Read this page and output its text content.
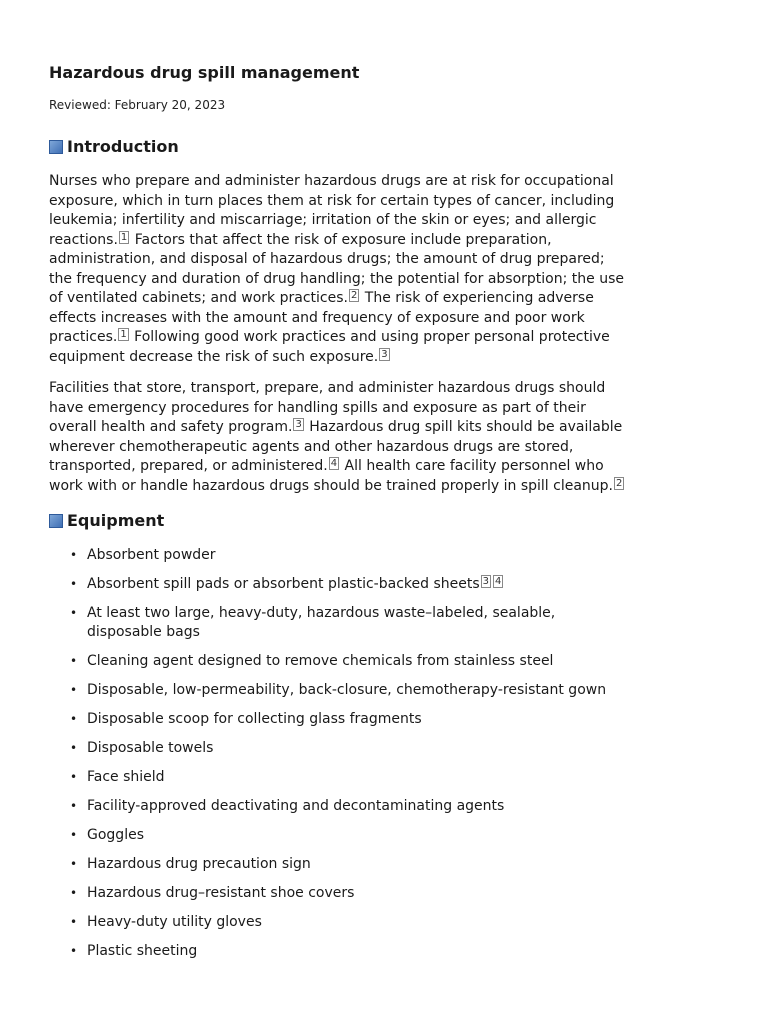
Hazardous drug spill management
Reviewed: February 20, 2023
Introduction

Nurses who prepare and administer hazardous drugs are at risk for occupational exposure, which in turn places them at risk for certain types of cancer, including leukemia; infertility and miscarriage; irritation of the skin or eyes; and allergic reactions. $^1$ Factors that affect the risk of exposure include preparation, administration, and disposal of hazardous drugs; the amount of drug prepared; the frequency and duration of drug handling; the potential for absorption; the use of ventilated cabinets; and work practices. $^2$ The risk of experiencing adverse effects increases with the amount and frequency of exposure and poor work practices. $^1$ Following good work practices and using proper personal protective equipment decrease the risk of such exposure. $^3$

Facilities that store, transport, prepare, and administer hazardous drugs should have emergency procedures for handling spills and exposure as part of their overall health and safety program. $^3$ Hazardous drug spill kits should be available wherever chemotherapeutic agents and other hazardous drugs are stored, transported, prepared, or administered. $^4$ All health care facility personnel who work with or handle hazardous drugs should be trained properly in spill cleanup. $^2$

Equipment
• Absorbent powder
• Absorbent spill pads or absorbent plastic-backed sheets $^3$ $^4$
• At least two large, heavy-duty, hazardous waste–labeled, sealable, disposable bags
• Cleaning agent designed to remove chemicals from stainless steel
• Disposable, low-permeability, back-closure, chemotherapy-resistant gown
• Disposable scoop for collecting glass fragments
• Disposable towels
• Face shield
• Facility-approved deactivating and decontaminating agents
• Goggles
• Hazardous drug precaution sign
• Hazardous drug–resistant shoe covers
• Heavy-duty utility gloves
• Plastic sheeting
